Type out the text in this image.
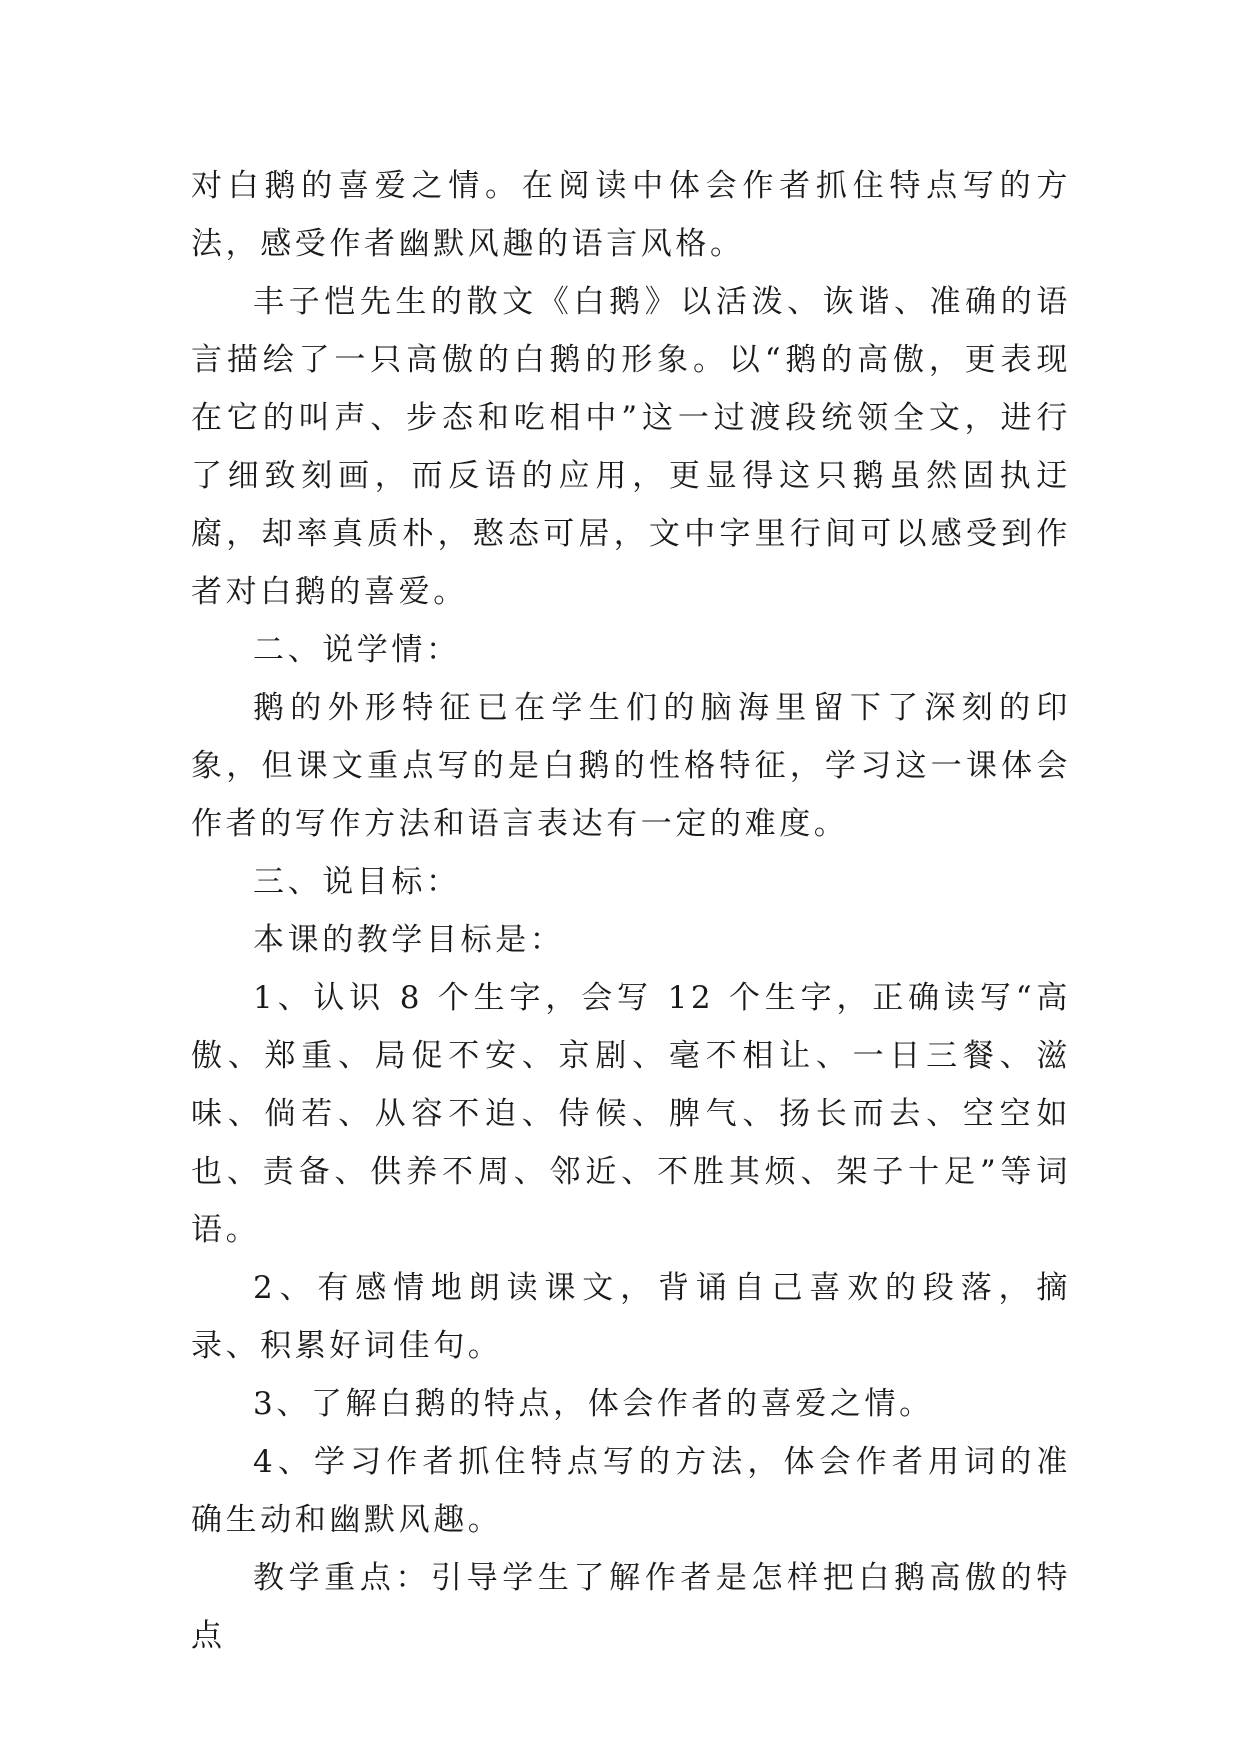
对白鹅的喜爱之情。在阅读中体会作者抓住特点写的方法，感受作者幽默风趣的语言风格。

丰子恺先生的散文《白鹅》以活泼、诙谐、准确的语言描绘了一只高傲的白鹅的形象。以“鹅的高傲，更表现在它的叫声、步态和吃相中”这一过渡段统领全文，进行了细致刻画，而反语的应用，更显得这只鹅虽然固执迂腐，却率真质朴，憨态可居，文中字里行间可以感受到作者对白鹅的喜爱。

二、说学情：

鹅的外形特征已在学生们的脑海里留下了深刻的印象，但课文重点写的是白鹅的性格特征，学习这一课体会作者的写作方法和语言表达有一定的难度。

三、说目标：

本课的教学目标是：

1、认识 8 个生字，会写 12 个生字，正确读写“高傲、郑重、局促不安、京剧、毫不相让、一日三餐、滋味、倘若、从容不迫、侍候、脾气、扬长而去、空空如也、责备、供养不周、邻近、不胜其烦、架子十足”等词语。

2、有感情地朗读课文，背诵自己喜欢的段落，摘录、积累好词佳句。

3、了解白鹅的特点，体会作者的喜爱之情。

4、学习作者抓住特点写的方法，体会作者用词的准确生动和幽默风趣。

教学重点：引导学生了解作者是怎样把白鹅高傲的特点
